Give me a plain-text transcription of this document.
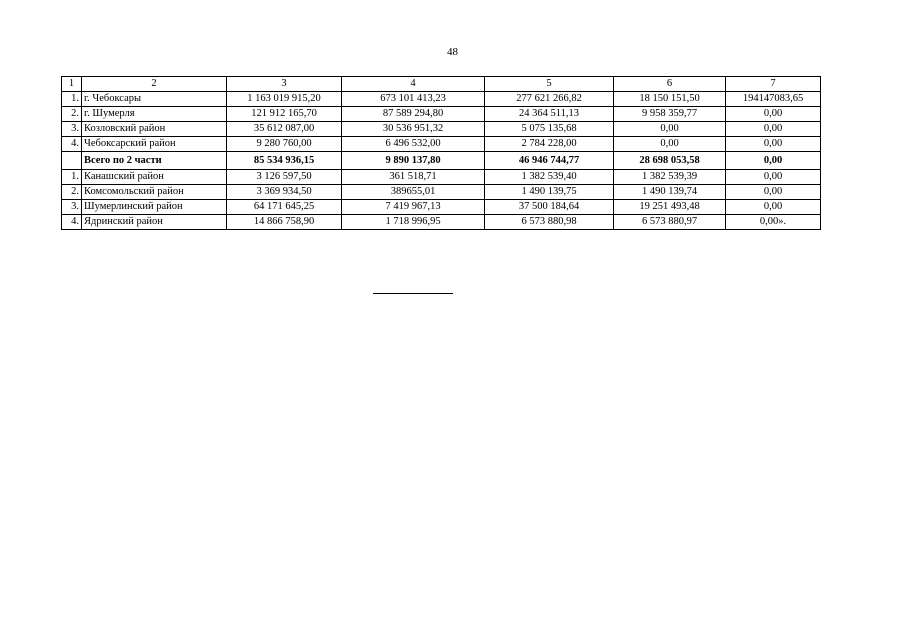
48
1	2	3	4	5	6	7
1.	г. Чебоксары	1 163 019 915,20	673 101 413,23	277 621 266,82	18 150 151,50	194147083,65
2.	г. Шумерля	121 912 165,70	87 589 294,80	24 364 511,13	9 958 359,77	0,00
3.	Козловский район	35 612 087,00	30 536 951,32	5 075 135,68	0,00	0,00
4.	Чебоксарский район	9 280 760,00	6 496 532,00	2 784 228,00	0,00	0,00
	Всего по 2 части	85 534 936,15	9 890 137,80	46 946 744,77	28 698 053,58	0,00
1.	Канашский район	3 126 597,50	361 518,71	1 382 539,40	1 382 539,39	0,00
2.	Комсомольский район	3 369 934,50	389655,01	1 490 139,75	1 490 139,74	0,00
3.	Шумерлинский район	64 171 645,25	7 419 967,13	37 500 184,64	19 251 493,48	0,00
4.	Ядринский район	14 866 758,90	1 718 996,95	6 573 880,98	6 573 880,97	0,00».
